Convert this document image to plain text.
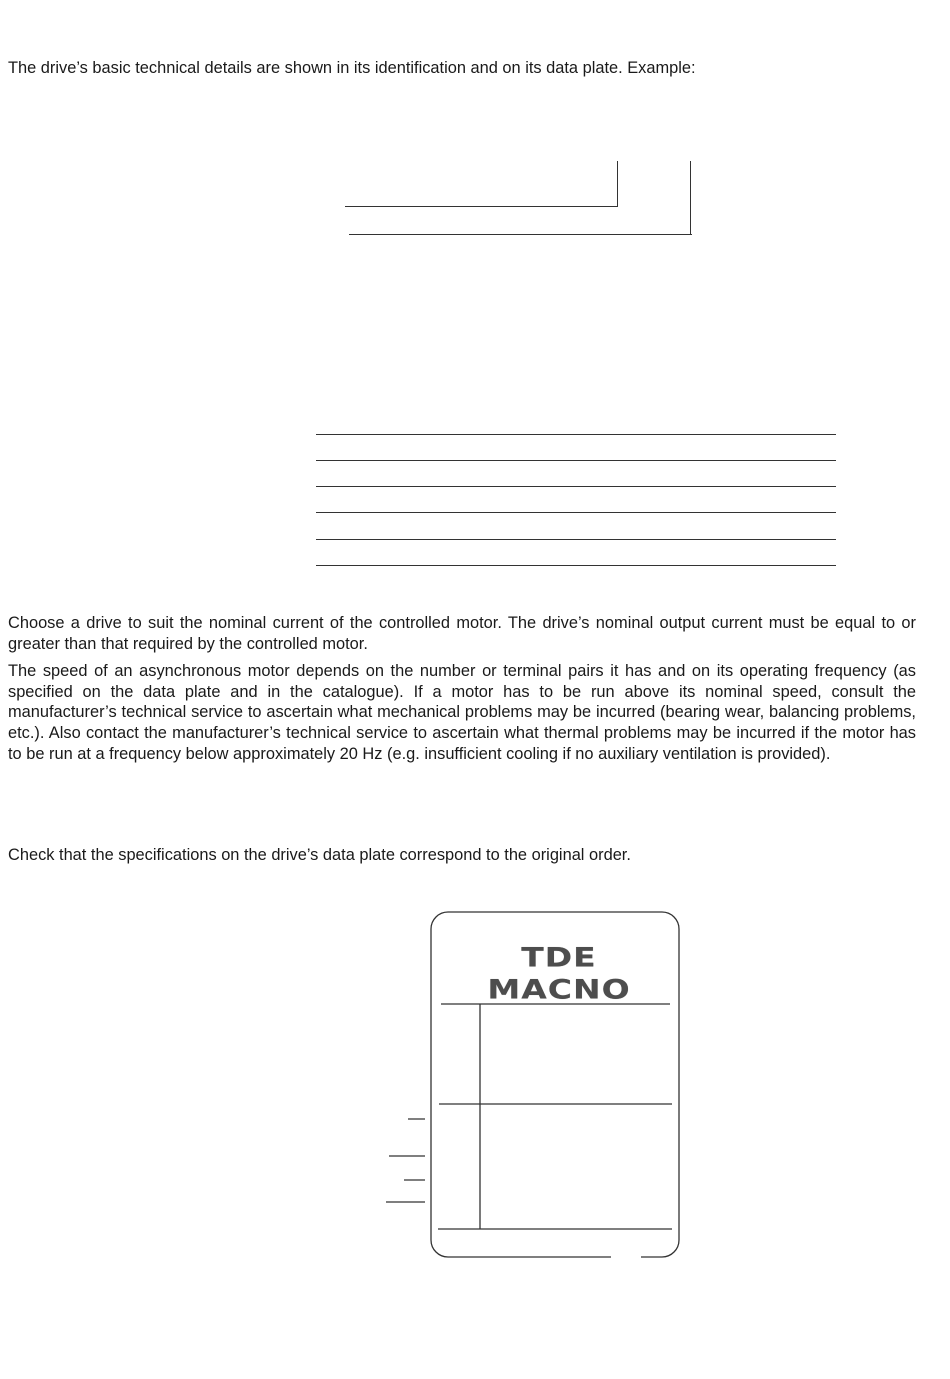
The drive’s basic technical details are shown in its identification and on its data plate. Example:

Choose a drive to suit the nominal current of the controlled motor. The drive’s nominal output current must be equal to or greater than that required by the controlled motor.

The speed of an asynchronous motor depends on the number or terminal pairs it has and on its operating frequency (as specified on the data plate and in the catalogue). If a motor has to be run above its nominal speed, consult the manufacturer’s technical service to ascertain what mechanical problems may be incurred (bearing wear, balancing problems, etc.). Also contact the manufacturer’s technical service to ascertain what thermal problems may be incurred if the motor has to be run at a frequency below approximately 20 Hz (e.g. insufficient cooling if no auxiliary ventilation is provided).

Check that the specifications on the drive’s data plate correspond to the original order.

TDE MACNO
